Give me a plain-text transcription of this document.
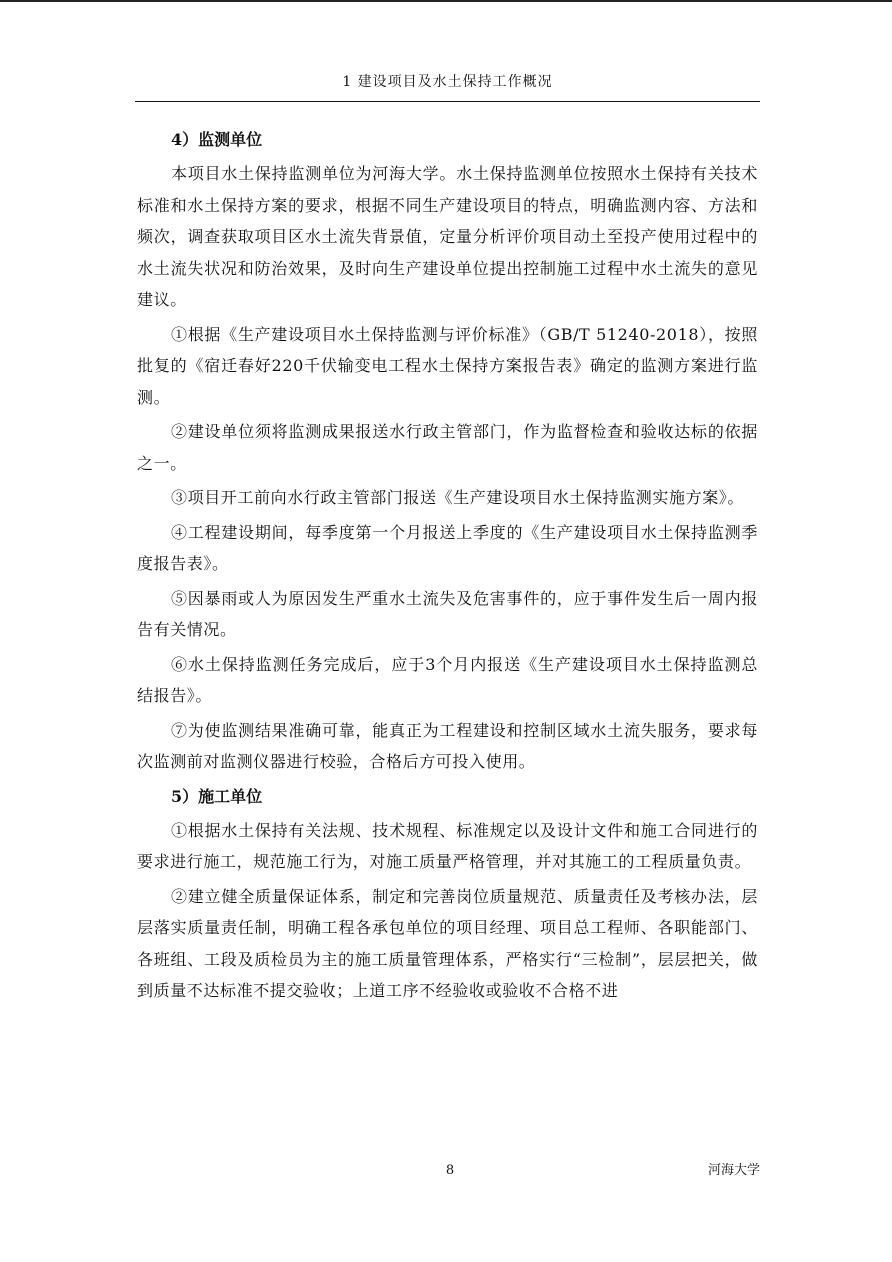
1 建设项目及水土保持工作概况
4）监测单位

本项目水土保持监测单位为河海大学。水土保持监测单位按照水土保持有关技术标准和水土保持方案的要求，根据不同生产建设项目的特点，明确监测内容、方法和频次，调查获取项目区水土流失背景值，定量分析评价项目动土至投产使用过程中的水土流失状况和防治效果，及时向生产建设单位提出控制施工过程中水土流失的意见建议。

①根据《生产建设项目水土保持监测与评价标准》（GB/T 51240-2018），按照批复的《宿迁春好220千伏输变电工程水土保持方案报告表》确定的监测方案进行监测。

②建设单位须将监测成果报送水行政主管部门，作为监督检查和验收达标的依据之一。

③项目开工前向水行政主管部门报送《生产建设项目水土保持监测实施方案》。

④工程建设期间，每季度第一个月报送上季度的《生产建设项目水土保持监测季度报告表》。

⑤因暴雨或人为原因发生严重水土流失及危害事件的，应于事件发生后一周内报告有关情况。

⑥水土保持监测任务完成后，应于3个月内报送《生产建设项目水土保持监测总结报告》。

⑦为使监测结果准确可靠，能真正为工程建设和控制区域水土流失服务，要求每次监测前对监测仪器进行校验，合格后方可投入使用。

5）施工单位

①根据水土保持有关法规、技术规程、标准规定以及设计文件和施工合同进行的要求进行施工，规范施工行为，对施工质量严格管理，并对其施工的工程质量负责。

②建立健全质量保证体系，制定和完善岗位质量规范、质量责任及考核办法，层层落实质量责任制，明确工程各承包单位的项目经理、项目总工程师、各职能部门、各班组、工段及质检员为主的施工质量管理体系，严格实行“三检制”，层层把关，做到质量不达标准不提交验收；上道工序不经验收或验收不合格不进

8	河海大学
